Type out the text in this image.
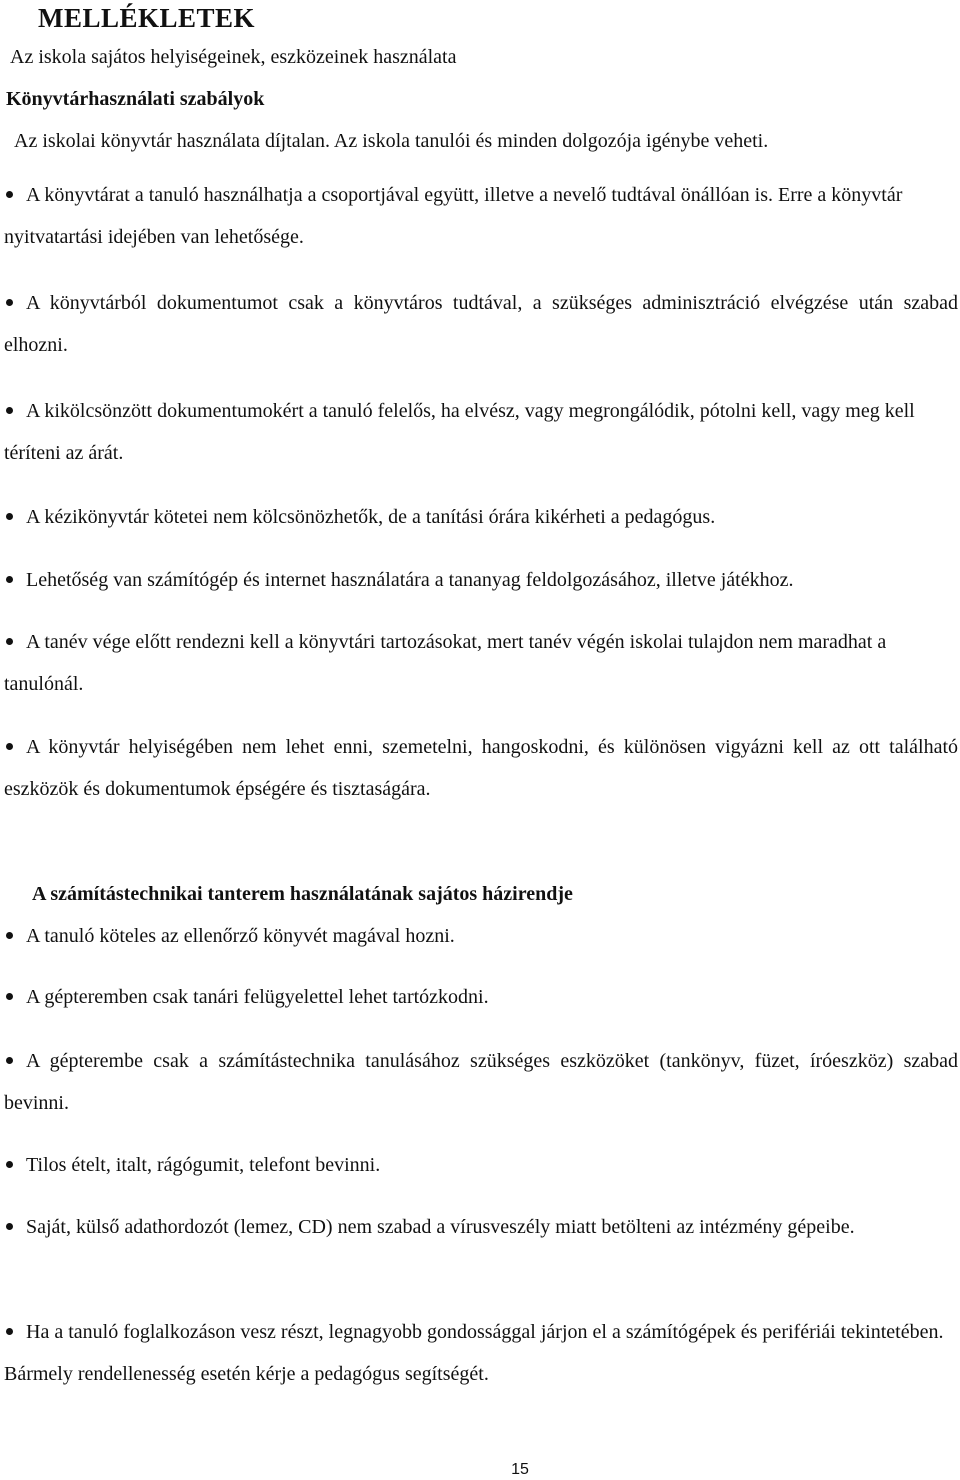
MELLÉKLETEK

Az iskola sajátos helyiségeinek, eszközeinek használata

Könyvtárhasználati szabályok

Az iskolai könyvtár használata díjtalan. Az iskola tanulói és minden dolgozója igénybe veheti.

A könyvtárat a tanuló használhatja a csoportjával együtt, illetve a nevelő tudtával önállóan is. Erre a könyvtár nyitvatartási idejében van lehetősége.

A könyvtárból dokumentumot csak a könyvtáros tudtával, a szükséges adminisztráció elvégzése után szabad elhozni.

A kikölcsönzött dokumentumokért a tanuló felelős, ha elvész, vagy megrongálódik, pótolni kell, vagy meg kell téríteni az árát.

A kézikönyvtár kötetei nem kölcsönözhetők, de a tanítási órára kikérheti a pedagógus.

Lehetőség van számítógép és internet használatára a tananyag feldolgozásához, illetve játékhoz.

A tanév vége előtt rendezni kell a könyvtári tartozásokat, mert tanév végén iskolai tulajdon nem maradhat a tanulónál.

A könyvtár helyiségében nem lehet enni, szemetelni, hangoskodni, és különösen vigyázni kell az ott található eszközök és dokumentumok épségére és tisztaságára.

A számítástechnikai tanterem használatának sajátos házirendje

A tanuló köteles az ellenőrző könyvét magával hozni.

A gépteremben csak tanári felügyelettel lehet tartózkodni.

A gépterembe csak a számítástechnika tanulásához szükséges eszközöket (tankönyv, füzet, íróeszköz) szabad bevinni.

Tilos ételt, italt, rágógumit, telefont bevinni.

Saját, külső adathordozót (lemez, CD) nem szabad a vírusveszély miatt betölteni az intézmény gépeibe.

Ha a tanuló foglalkozáson vesz részt, legnagyobb gondossággal járjon el a számítógépek és perifériái tekintetében. Bármely rendellenesség esetén kérje a pedagógus segítségét.

15
